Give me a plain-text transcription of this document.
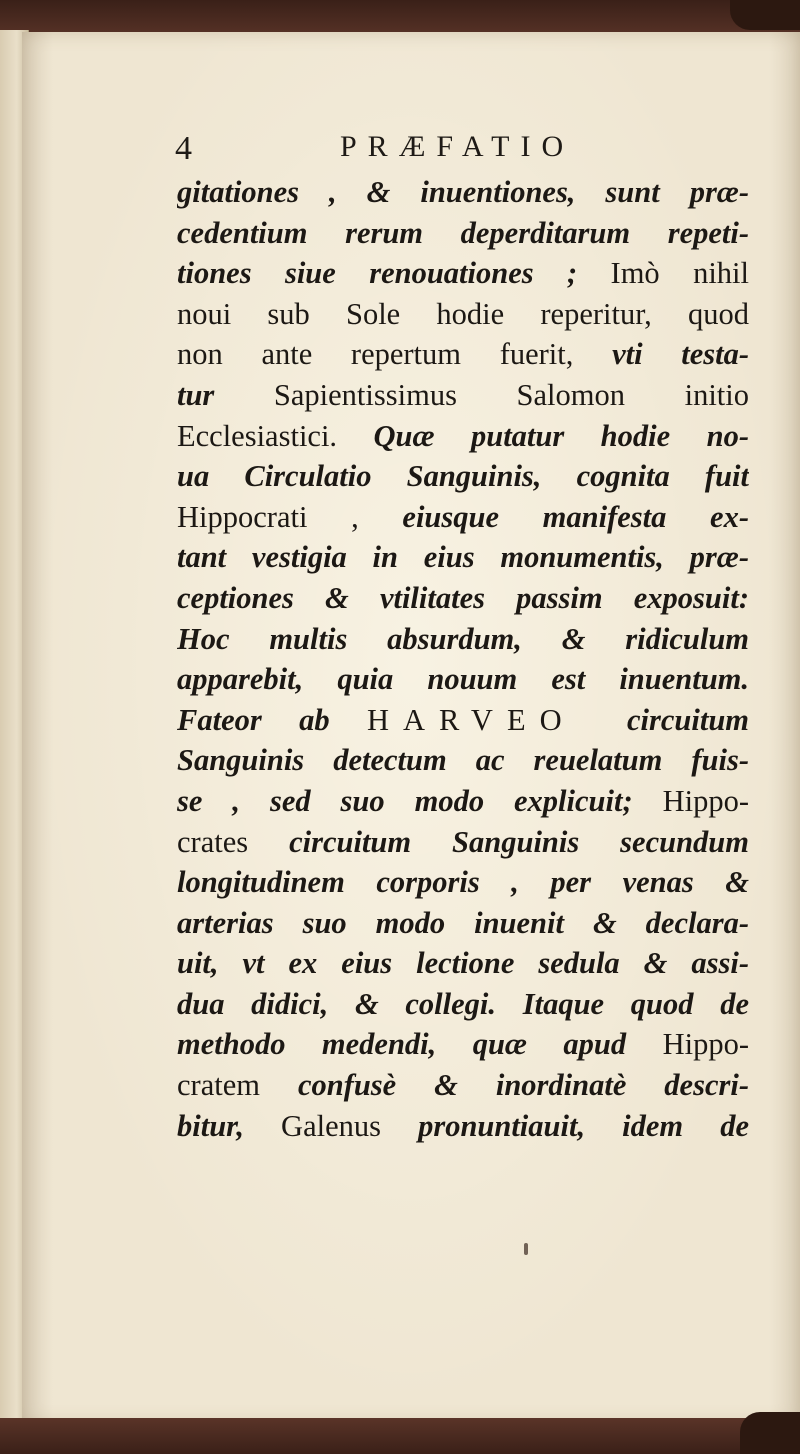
4	PRÆFATIO
gitationes , & inuentiones, sunt præ-
cedentium rerum deperditarum repeti-
tiones siue renouationes ; Imò nihil
noui sub Sole hodie reperitur, quod
non ante repertum fuerit, vti testa-
tur Sapientissimus Salomon initio
Ecclesiastici. Quæ putatur hodie no-
ua Circulatio Sanguinis, cognita fuit
Hippocrati , eiusque manifesta ex-
tant vestigia in eius monumentis, præ-
ceptiones & vtilitates passim exposuit:
Hoc multis absurdum, & ridiculum
apparebit, quia nouum est inuentum.
Fateor ab HARVEO circuitum
Sanguinis detectum ac reuelatum fuis-
se , sed suo modo explicuit; Hippo-
crates circuitum Sanguinis secundum
longitudinem corporis , per venas &
arterias suo modo inuenit & declara-
uit, vt ex eius lectione sedula & assi-
dua didici, & collegi. Itaque quod de
methodo medendi, quæ apud Hippo-
cratem confusè & inordinatè descri-
bitur, Galenus pronuntiauit, idem de
